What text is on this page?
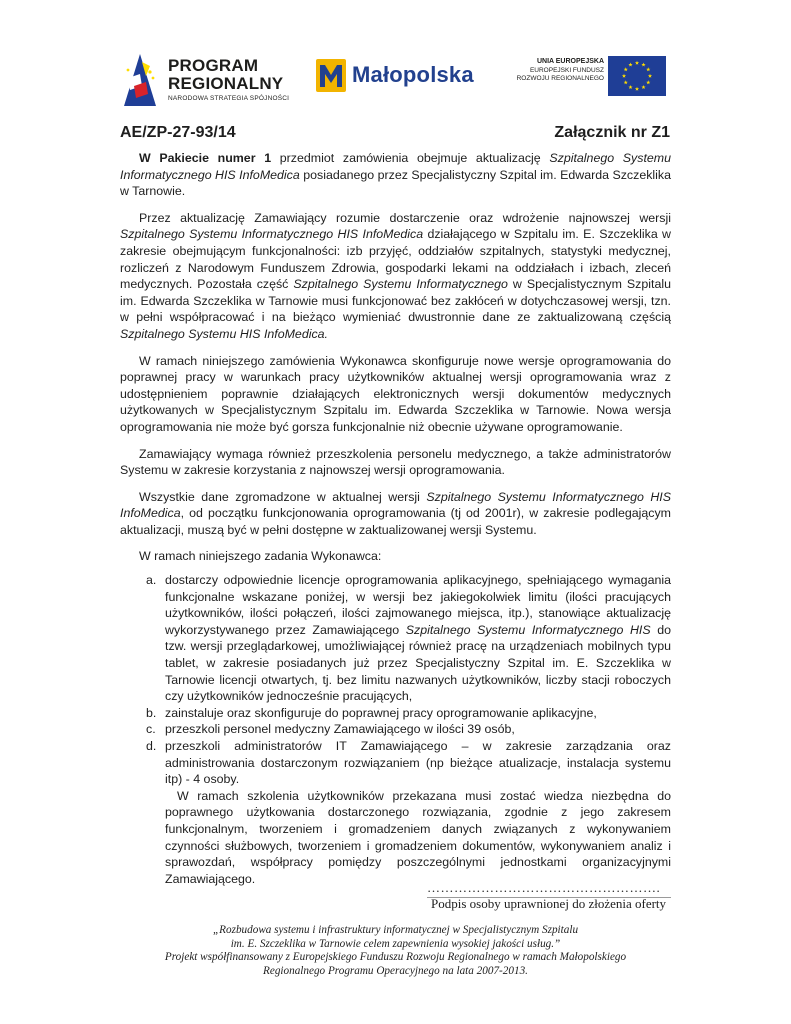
PROGRAM
REGIONALNY
NARODOWA STRATEGIA SPÓJNOŚCI
Małopolska
UNIA EUROPEJSKA
EUROPEJSKI FUNDUSZ
ROZWOJU REGIONALNEGO
AE/ZP-27-93/14	Załącznik nr Z1

W Pakiecie numer 1 przedmiot zamówienia obejmuje aktualizację Szpitalnego Systemu Informatycznego HIS InfoMedica posiadanego przez Specjalistyczny Szpital im. Edwarda Szczeklika w Tarnowie.

Przez aktualizację Zamawiający rozumie dostarczenie oraz wdrożenie najnowszej wersji Szpitalnego Systemu Informatycznego HIS InfoMedica działającego w Szpitalu im. E. Szczeklika w zakresie obejmującym funkcjonalności: izb przyjęć, oddziałów szpitalnych, statystyki medycznej, rozliczeń z Narodowym Funduszem Zdrowia, gospodarki lekami na oddziałach i izbach, zleceń medycznych. Pozostała część Szpitalnego Systemu Informatycznego w Specjalistycznym Szpitalu im. Edwarda Szczeklika w Tarnowie musi funkcjonować bez zakłóceń w dotychczasowej wersji, tzn. w pełni współpracować i na bieżąco wymieniać dwustronnie dane ze zaktualizowaną częścią Szpitalnego Systemu HIS InfoMedica.

W ramach niniejszego zamówienia Wykonawca skonfiguruje nowe wersje oprogramowania do poprawnej pracy w warunkach pracy użytkowników aktualnej wersji oprogramowania wraz z udostępnieniem poprawnie działających elektronicznych wersji dokumentów medycznych użytkowanych w Specjalistycznym Szpitalu im. Edwarda Szczeklika w Tarnowie. Nowa wersja oprogramowania nie może być gorsza funkcjonalnie niż obecnie używane oprogramowanie.

Zamawiający wymaga również przeszkolenia personelu medycznego, a także administratorów Systemu w zakresie korzystania z najnowszej wersji oprogramowania.

Wszystkie dane zgromadzone w aktualnej wersji Szpitalnego Systemu Informatycznego HIS InfoMedica, od początku funkcjonowania oprogramowania (tj od 2001r), w zakresie podlegającym aktualizacji, muszą być w pełni dostępne w zaktualizowanej wersji Systemu.

W ramach niniejszego zadania Wykonawca:

a. dostarczy odpowiednie licencje oprogramowania aplikacyjnego, spełniającego wymagania funkcjonalne wskazane poniżej, w wersji bez jakiegokolwiek limitu (ilości pracujących użytkowników, ilości połączeń, ilości zajmowanego miejsca, itp.), stanowiące aktualizację wykorzystywanego przez Zamawiającego Szpitalnego Systemu Informatycznego HIS do tzw. wersji przeglądarkowej, umożliwiającej również pracę na urządzeniach mobilnych typu tablet, w zakresie posiadanych już przez Specjalistyczny Szpital im. E. Szczeklika w Tarnowie licencji otwartych, tj. bez limitu nazwanych użytkowników, liczby stacji roboczych czy użytkowników jednocześnie pracujących,
b. zainstaluje oraz skonfiguruje do poprawnej pracy oprogramowanie aplikacyjne,
c. przeszkoli personel medyczny Zamawiającego w ilości 39 osób,
d. przeszkoli administratorów IT Zamawiającego – w zakresie zarządzania oraz administrowania dostarczonym rozwiązaniem (np bieżące atualizacje, instalacja systemu itp) - 4 osoby.
W ramach szkolenia użytkowników przekazana musi zostać wiedza niezbędna do poprawnego użytkowania dostarczonego rozwiązania, zgodnie z jego zakresem funkcjonalnym, tworzeniem i gromadzeniem danych związanych z wykonywaniem czynności służbowych, tworzeniem i gromadzeniem dokumentów, wykonywaniem analiz i sprawozdań, współpracy pomiędzy poszczególnymi jednostkami organizacyjnymi Zamawiającego.
…………………………………………….
Podpis osoby uprawnionej do złożenia oferty
„Rozbudowa systemu i infrastruktury informatycznej w Specjalistycznym Szpitalu
im. E. Szczeklika w Tarnowie celem zapewnienia wysokiej jakości usług.”
Projekt współfinansowany z Europejskiego Funduszu Rozwoju Regionalnego w ramach Małopolskiego
Regionalnego Programu Operacyjnego na lata 2007-2013.
